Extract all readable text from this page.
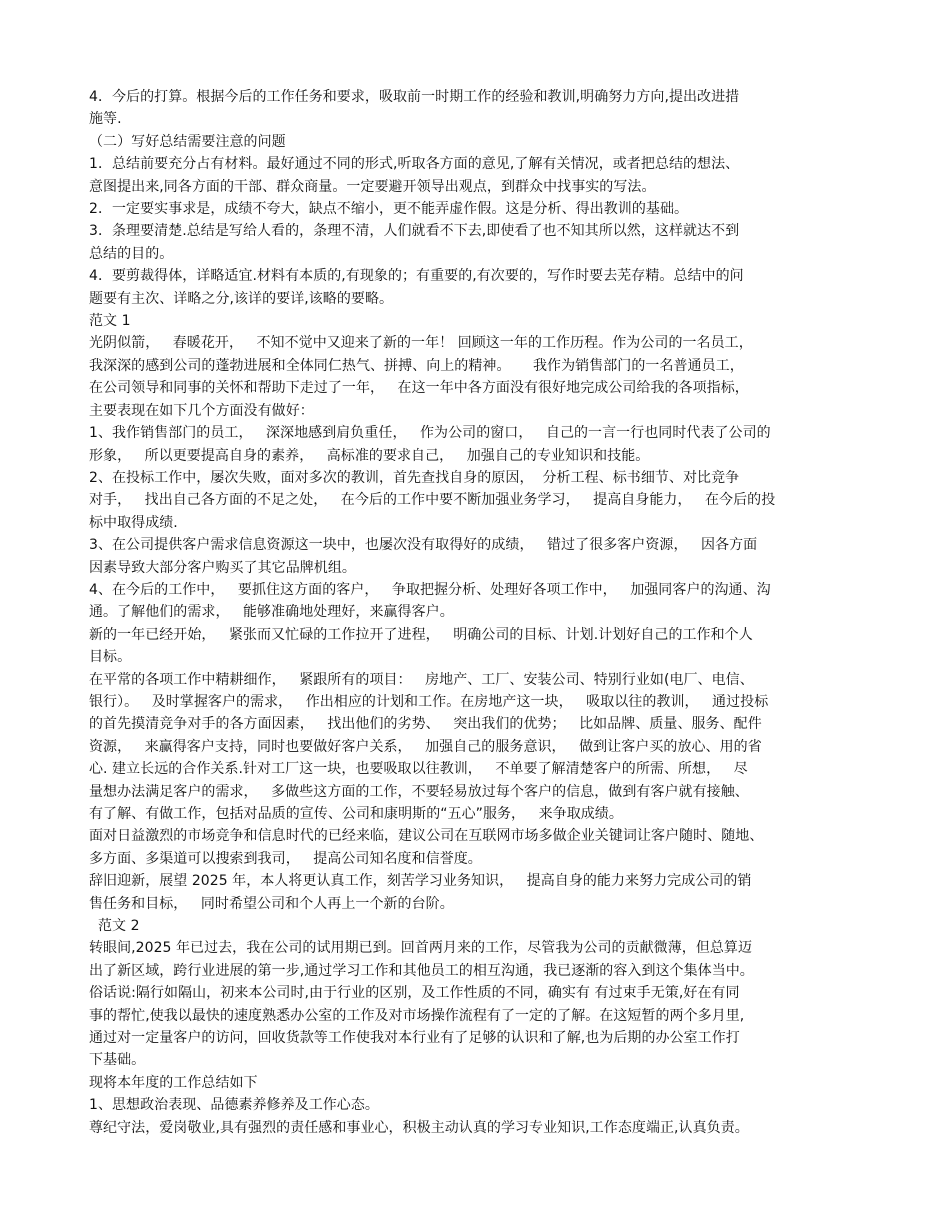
4．今后的打算。根据今后的工作任务和要求，吸取前一时期工作的经验和教训,明确努力方向,提出改进措

施等.

（二）写好总结需要注意的问题

1．总结前要充分占有材料。最好通过不同的形式,听取各方面的意见,了解有关情况，或者把总结的想法、

意图提出来,同各方面的干部、群众商量。一定要避开领导出观点，到群众中找事实的写法。

2．一定要实事求是，成绩不夸大，缺点不缩小，更不能弄虚作假。这是分析、得出教训的基础。

3．条理要清楚.总结是写给人看的，条理不清，人们就看不下去,即使看了也不知其所以然，这样就达不到

总结的目的。

4．要剪裁得体，详略适宜.材料有本质的,有现象的；有重要的,有次要的，写作时要去芜存精。总结中的问

题要有主次、详略之分,该详的要详,该略的要略。

范文 1

光阴似箭，   春暖花开，   不知不觉中又迎来了新的一年！ 回顾这一年的工作历程。作为公司的一名员工，

我深深的感到公司的蓬勃进展和全体同仁热气、拼搏、向上的精神。     我作为销售部门的一名普通员工，

在公司领导和同事的关怀和帮助下走过了一年，   在这一年中各方面没有很好地完成公司给我的各项指标，

主要表现在如下几个方面没有做好：

1、我作销售部门的员工，   深深地感到肩负重任，   作为公司的窗口，   自己的一言一行也同时代表了公司的

形象，   所以更要提高自身的素养，   高标准的要求自己，   加强自己的专业知识和技能。

2、在投标工作中，屡次失败，面对多次的教训，首先查找自身的原因，  分析工程、标书细节、对比竞争

对手，   找出自己各方面的不足之处，   在今后的工作中要不断加强业务学习，   提高自身能力，   在今后的投

标中取得成绩.

3、在公司提供客户需求信息资源这一块中，也屡次没有取得好的成绩，   错过了很多客户资源，   因各方面

因素导致大部分客户购买了其它品牌机组。

4、在今后的工作中，   要抓住这方面的客户，   争取把握分析、处理好各项工作中，   加强同客户的沟通、沟

通。了解他们的需求，   能够准确地处理好，来赢得客户。

新的一年已经开始，   紧张而又忙碌的工作拉开了进程，   明确公司的目标、计划.计划好自己的工作和个人

目标。

在平常的各项工作中精耕细作，   紧跟所有的项目：   房地产、工厂、安装公司、特别行业如(电厂、电信、

银行）。   及时掌握客户的需求，   作出相应的计划和工作。在房地产这一块，   吸取以往的教训，   通过投标

的首先摸清竞争对手的各方面因素，   找出他们的劣势、   突出我们的优势；   比如品牌、质量、服务、配件

资源，   来赢得客户支持，同时也要做好客户关系，   加强自己的服务意识，   做到让客户买的放心、用的省

心. 建立长远的合作关系.针对工厂这一块，也要吸取以往教训，   不单要了解清楚客户的所需、所想，   尽

量想办法满足客户的需求，   多做些这方面的工作，不要轻易放过每个客户的信息，做到有客户就有接触、

有了解、有做工作，包括对品质的宣传、公司和康明斯的“五心”服务，   来争取成绩。

面对日益激烈的市场竞争和信息时代的已经来临，建议公司在互联网市场多做企业关键词让客户随时、随地、

多方面、多渠道可以搜索到我司，   提高公司知名度和信誉度。

辞旧迎新，展望 2025 年，本人将更认真工作，刻苦学习业务知识，   提高自身的能力来努力完成公司的销

售任务和目标，   同时希望公司和个人再上一个新的台阶。

范文 2

转眼间,2025 年已过去，我在公司的试用期已到。回首两月来的工作，尽管我为公司的贡献微薄，但总算迈

出了新区域，跨行业进展的第一步,通过学习工作和其他员工的相互沟通，我已逐渐的容入到这个集体当中。

俗话说:隔行如隔山，初来本公司时,由于行业的区别，及工作性质的不同，确实有 有过束手无策,好在有同

事的帮忙,使我以最快的速度熟悉办公室的工作及对市场操作流程有了一定的了解。在这短暂的两个多月里,

通过对一定量客户的访问，回收货款等工作使我对本行业有了足够的认识和了解,也为后期的办公室工作打

下基础。

现将本年度的工作总结如下

1、思想政治表现、品德素养修养及工作心态。

尊纪守法，爱岗敬业,具有强烈的责任感和事业心，积极主动认真的学习专业知识,工作态度端正,认真负责。
